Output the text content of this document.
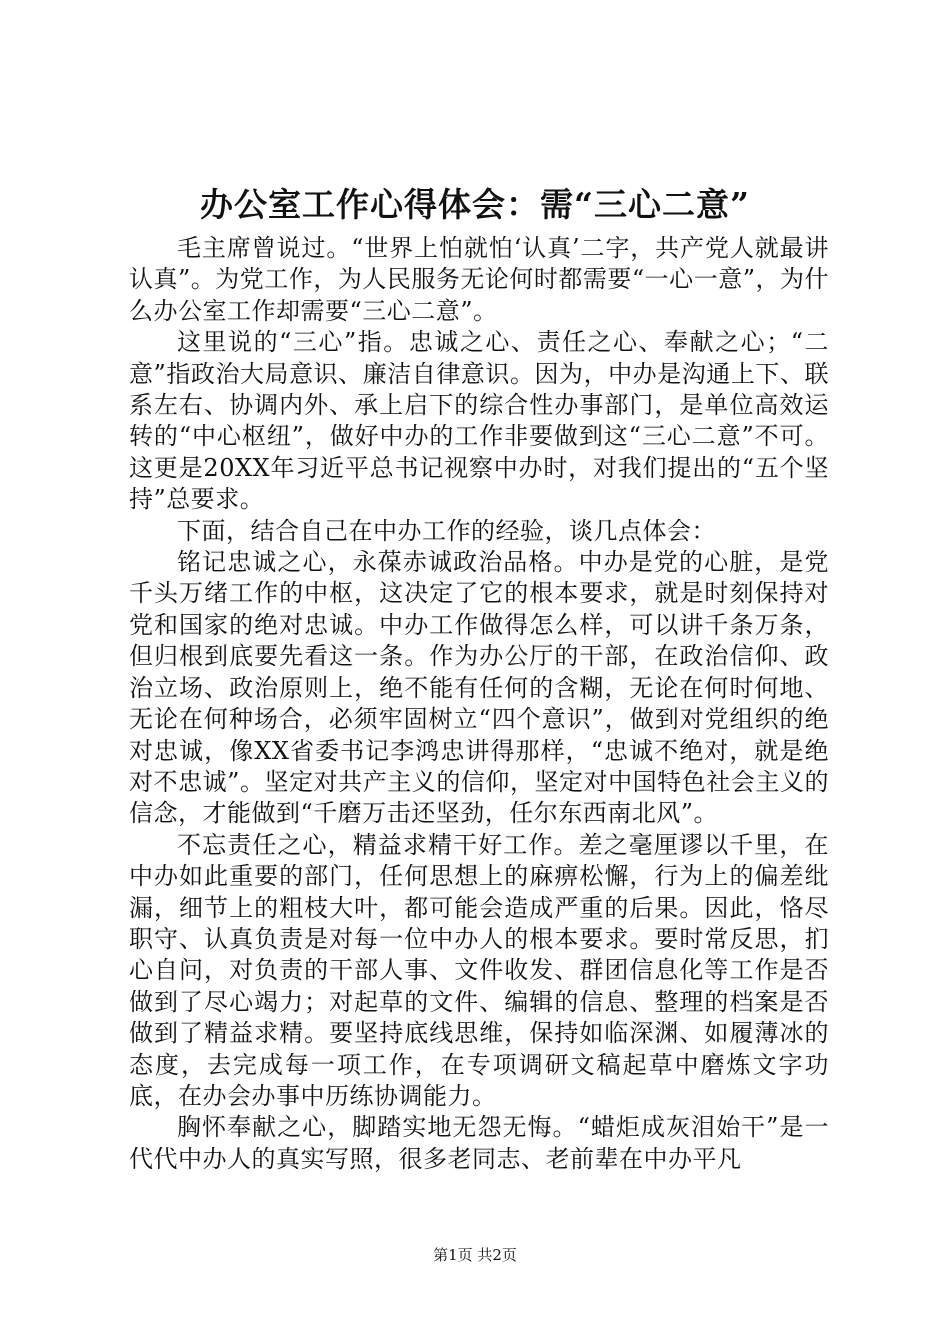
办公室工作心得体会：需“三心二意”

毛主席曾说过。“世界上怕就怕‘认真’二字，共产党人就最讲认真”。为党工作，为人民服务无论何时都需要“一心一意”，为什么办公室工作却需要“三心二意”。

这里说的“三心”指。忠诚之心、责任之心、奉献之心；“二意”指政治大局意识、廉洁自律意识。因为，中办是沟通上下、联系左右、协调内外、承上启下的综合性办事部门，是单位高效运转的“中心枢纽”，做好中办的工作非要做到这“三心二意”不可。这更是20XX年习近平总书记视察中办时，对我们提出的“五个坚持”总要求。

下面，结合自己在中办工作的经验，谈几点体会：

铭记忠诚之心，永葆赤诚政治品格。中办是党的心脏，是党千头万绪工作的中枢，这决定了它的根本要求，就是时刻保持对党和国家的绝对忠诚。中办工作做得怎么样，可以讲千条万条，但归根到底要先看这一条。作为办公厅的干部，在政治信仰、政治立场、政治原则上，绝不能有任何的含糊，无论在何时何地、无论在何种场合，必须牢固树立“四个意识”，做到对党组织的绝对忠诚，像XX省委书记李鸿忠讲得那样，“忠诚不绝对，就是绝对不忠诚”。坚定对共产主义的信仰，坚定对中国特色社会主义的信念，才能做到“千磨万击还坚劲，任尔东西南北风”。

不忘责任之心，精益求精干好工作。差之毫厘谬以千里，在中办如此重要的部门，任何思想上的麻痹松懈，行为上的偏差纰漏，细节上的粗枝大叶，都可能会造成严重的后果。因此，恪尽职守、认真负责是对每一位中办人的根本要求。要时常反思，扪心自问，对负责的干部人事、文件收发、群团信息化等工作是否做到了尽心竭力；对起草的文件、编辑的信息、整理的档案是否做到了精益求精。要坚持底线思维，保持如临深渊、如履薄冰的态度，去完成每一项工作，在专项调研文稿起草中磨炼文字功底，在办会办事中历练协调能力。

胸怀奉献之心，脚踏实地无怨无悔。“蜡炬成灰泪始干”是一代代中办人的真实写照，很多老同志、老前辈在中办平凡

第1页 共2页
